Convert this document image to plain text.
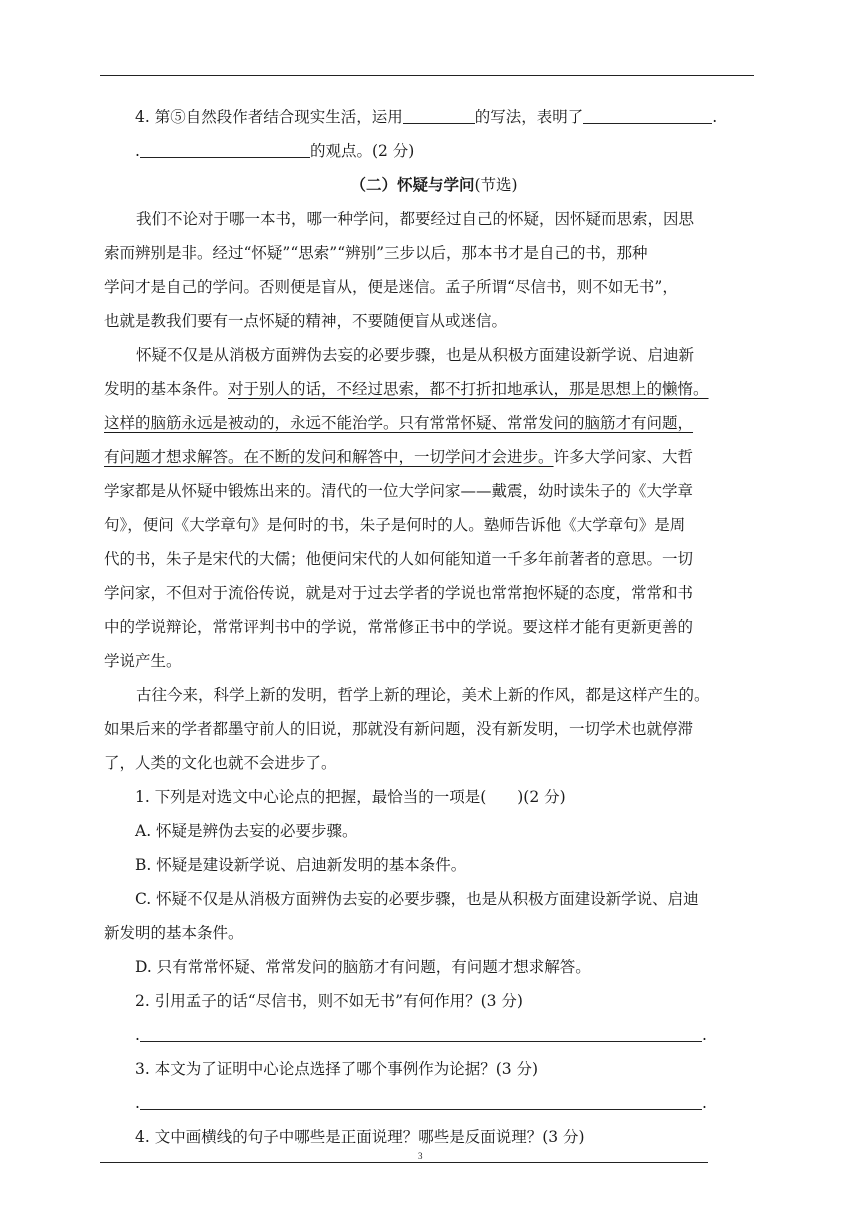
4. 第⑤自然段作者结合现实生活，运用	的写法，表明了	.
.	的观点。(2 分)
（二）怀疑与学问(节选)
我们不论对于哪一本书，哪一种学问，都要经过自己的怀疑，因怀疑而思索，因思
索而辨别是非。经过“怀疑”“思索”“辨别”三步以后，那本书才是自己的书，那种
学问才是自己的学问。否则便是盲从，便是迷信。孟子所谓“尽信书，则不如无书”，
也就是教我们要有一点怀疑的精神，不要随便盲从或迷信。
怀疑不仅是从消极方面辨伪去妄的必要步骤，也是从积极方面建设新学说、启迪新
发明的基本条件。对于别人的话，不经过思索，都不打折扣地承认，那是思想上的懒惰。
这样的脑筋永远是被动的，永远不能治学。只有常常怀疑、常常发问的脑筋才有问题，
有问题才想求解答。在不断的发问和解答中，一切学问才会进步。许多大学问家、大哲
学家都是从怀疑中锻炼出来的。清代的一位大学问家——戴震，幼时读朱子的《大学章
句》，便问《大学章句》是何时的书，朱子是何时的人。塾师告诉他《大学章句》是周
代的书，朱子是宋代的大儒；他便问宋代的人如何能知道一千多年前著者的意思。一切
学问家，不但对于流俗传说，就是对于过去学者的学说也常常抱怀疑的态度，常常和书
中的学说辩论，常常评判书中的学说，常常修正书中的学说。要这样才能有更新更善的
学说产生。
古往今来，科学上新的发明，哲学上新的理论，美术上新的作风，都是这样产生的。
如果后来的学者都墨守前人的旧说，那就没有新问题，没有新发明，一切学术也就停滞
了，人类的文化也就不会进步了。
1. 下列是对选文中心论点的把握，最恰当的一项是(　　)(2 分)
A. 怀疑是辨伪去妄的必要步骤。
B. 怀疑是建设新学说、启迪新发明的基本条件。
C. 怀疑不仅是从消极方面辨伪去妄的必要步骤，也是从积极方面建设新学说、启迪
新发明的基本条件。
D. 只有常常怀疑、常常发问的脑筋才有问题，有问题才想求解答。
2. 引用孟子的话“尽信书，则不如无书”有何作用？(3 分)
.	.
3. 本文为了证明中心论点选择了哪个事例作为论据？(3 分)
.	.
4. 文中画横线的句子中哪些是正面说理？哪些是反面说理？(3 分)
3
